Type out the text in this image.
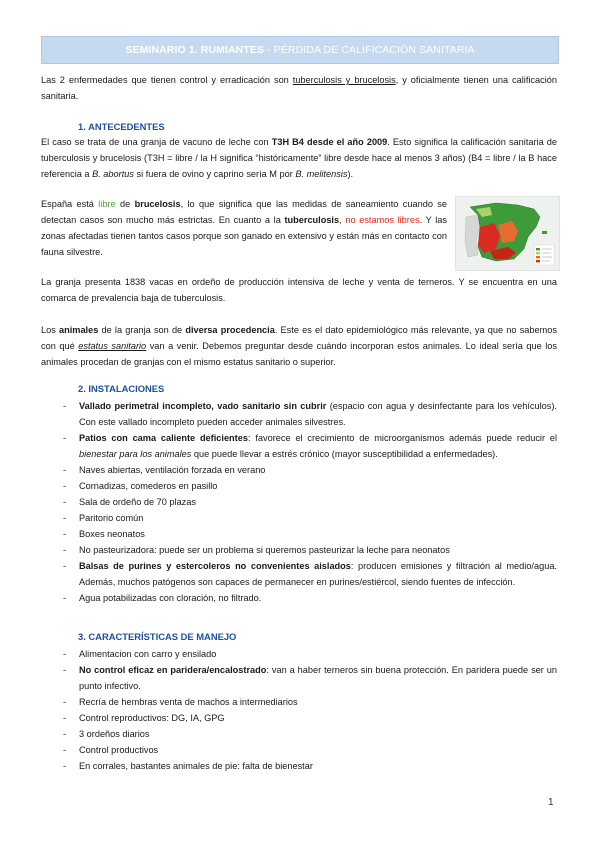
SEMINARIO 1. RUMIANTES - PÉRDIDA DE CALIFICACIÓN SANITARIA
Las 2 enfermedades que tienen control y erradicación son tuberculosis y brucelosis, y oficialmente tienen una calificación sanitaria.
1. ANTECEDENTES
El caso se trata de una granja de vacuno de leche con T3H B4 desde el año 2009. Esto significa la calificación sanitaria de tuberculosis y brucelosis (T3H = libre / la H significa “históricamente” libre desde hace al menos 3 años) (B4 = libre / la B hace referencia a B. abortus si fuera de ovino y caprino sería M por B. melitensis).
España está libre de brucelosis, lo que significa que las medidas de saneamiento cuando se detectan casos son mucho más estrictas. En cuanto a la tuberculosis, no estamos libres. Y las zonas afectadas tienen tantos casos porque son ganado en extensivo y están más en contacto con fauna silvestre.
La granja presenta 1838 vacas en ordeño de producción intensiva de leche y venta de terneros. Y se encuentra en una comarca de prevalencia baja de tuberculosis.
Los animales de la granja son de diversa procedencia. Este es el dato epidemiológico más relevante, ya que no sabemos con qué estatus sanitario van a venir. Debemos preguntar desde cuándo incorporan estos animales. Lo ideal sería que los animales procedan de granjas con el mismo estatus sanitario o superior.
2. INSTALACIONES
- Vallado perimetral incompleto, vado sanitario sin cubrir (espacio con agua y desinfectante para los vehículos). Con este vallado incompleto pueden acceder animales silvestres.
- Patios con cama caliente deficientes: favorece el crecimiento de microorganismos además puede reducir el bienestar para los animales que puede llevar a estrés crónico (mayor susceptibilidad a enfermedades).
- Naves abiertas, ventilación forzada en verano
- Cornadizas, comederos en pasillo
- Sala de ordeño de 70 plazas
- Paritorio común
- Boxes neonatos
- No pasteurizadora: puede ser un problema si queremos pasteurizar la leche para neonatos
- Balsas de purines y estercoleros no convenientes aislados: producen emisiones y filtración al medio/agua. Además, muchos patógenos son capaces de permanecer en purines/estiércol, siendo fuentes de infección.
- Agua potabilizadas con cloración, no filtrado.
3. CARACTERÍSTICAS DE MANEJO
- Alimentacion con carro y ensilado
- No control eficaz en paridera/encalostrado: van a haber terneros sin buena protección. En paridera puede ser un punto infectivo.
- Recría de hembras venta de machos a intermediarios
- Control reproductivos: DG, IA, GPG
- 3 ordeños diarios
- Control productivos
- En corrales, bastantes animales de pie: falta de bienestar
1
